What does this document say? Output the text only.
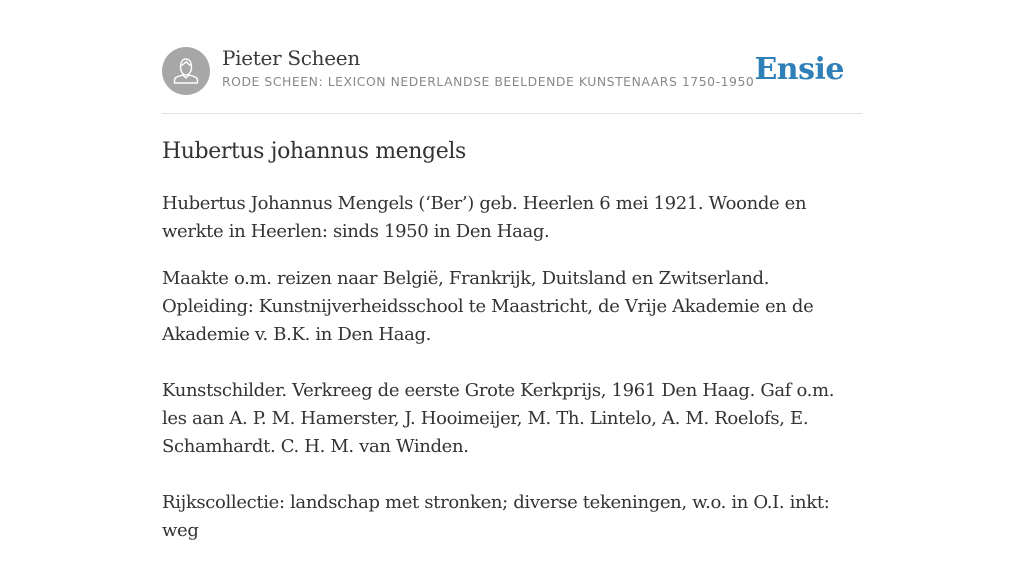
Pieter Scheen
RODE SCHEEN: LEXICON NEDERLANDSE BEELDENDE KUNSTENAARS 1750-1950 Ensie
Hubertus johannus mengels

Hubertus Johannus Mengels (‘Ber’) geb. Heerlen 6 mei 1921. Woonde en werkte in Heerlen: sinds 1950 in Den Haag.

Maakte o.m. reizen naar België, Frankrijk, Duitsland en Zwitserland. Opleiding: Kunstnijverheidsschool te Maastricht, de Vrije Akademie en de Akademie v. B.K. in Den Haag.

Kunstschilder. Verkreeg de eerste Grote Kerkprijs, 1961 Den Haag. Gaf o.m. les aan A. P. M. Hamerster, J. Hooimeijer, M. Th. Lintelo, A. M. Roelofs, E. Schamhardt. C. H. M. van Winden.

Rijkscollectie: landschap met stronken; diverse tekeningen, w.o. in O.I. inkt: weg
